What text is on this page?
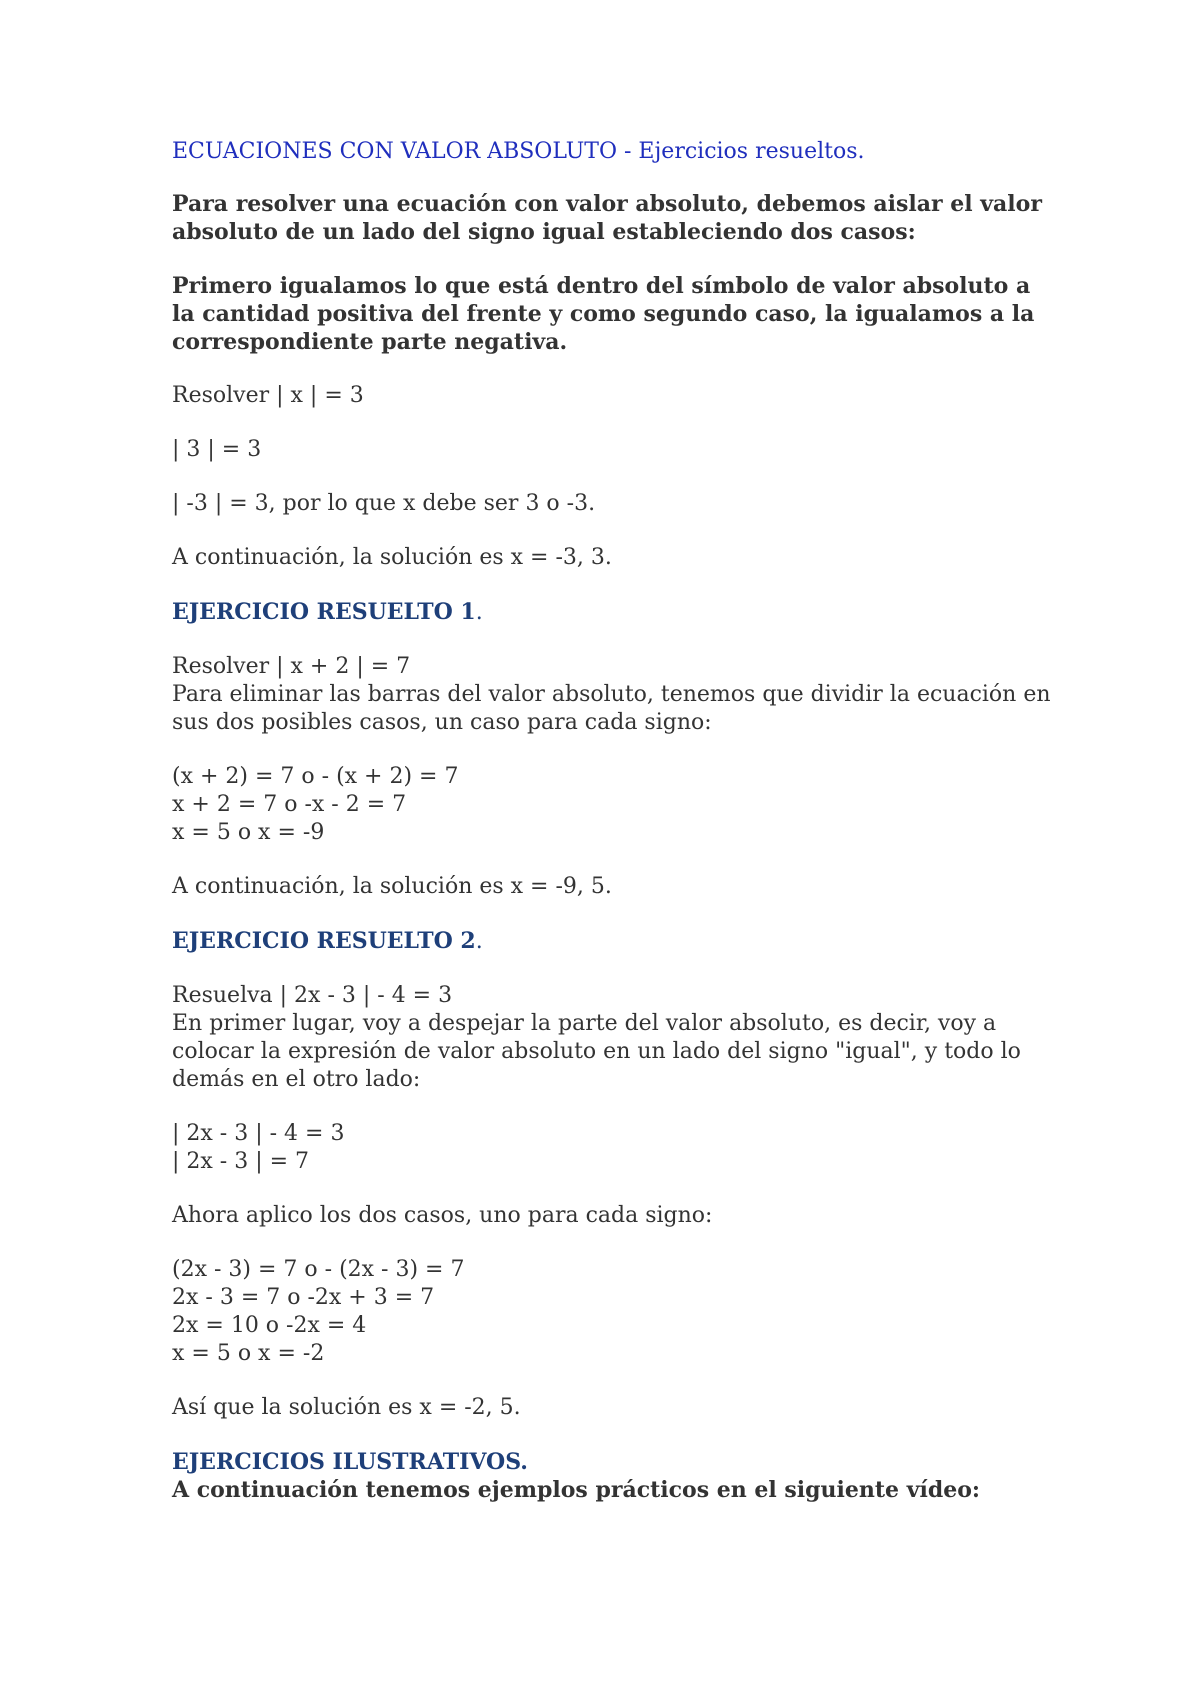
ECUACIONES CON VALOR ABSOLUTO - Ejercicios resueltos.

Para resolver una ecuación con valor absoluto, debemos aislar el valor absoluto de un lado del signo igual estableciendo dos casos:

Primero igualamos lo que está dentro del símbolo de valor absoluto a la cantidad positiva del frente y como segundo caso, la igualamos a la correspondiente parte negativa.

Resolver | x | = 3

| 3 | = 3

| -3 | = 3, por lo que x debe ser 3 o -3.

A continuación, la solución es x = -3, 3.

EJERCICIO RESUELTO 1.
Resolver | x + 2 | = 7
Para eliminar las barras del valor absoluto, tenemos que dividir la ecuación en sus dos posibles casos, un caso para cada signo:
(x + 2) = 7 o - (x + 2) = 7
x + 2 = 7 o -x - 2 = 7
x = 5 o x = -9

A continuación, la solución es x = -9, 5.

EJERCICIO RESUELTO 2.
Resuelva | 2x - 3 | - 4 = 3
En primer lugar, voy a despejar la parte del valor absoluto, es decir, voy a colocar la expresión de valor absoluto en un lado del signo "igual", y todo lo demás en el otro lado:
| 2x - 3 | - 4 = 3
| 2x - 3 | = 7

Ahora aplico los dos casos, uno para cada signo:

(2x - 3) = 7 o - (2x - 3) = 7
2x - 3 = 7 o -2x + 3 = 7
2x = 10 o -2x = 4
x = 5 o x = -2

Así que la solución es x = -2, 5.

EJERCICIOS ILUSTRATIVOS.
A continuación tenemos ejemplos prácticos en el siguiente vídeo:
